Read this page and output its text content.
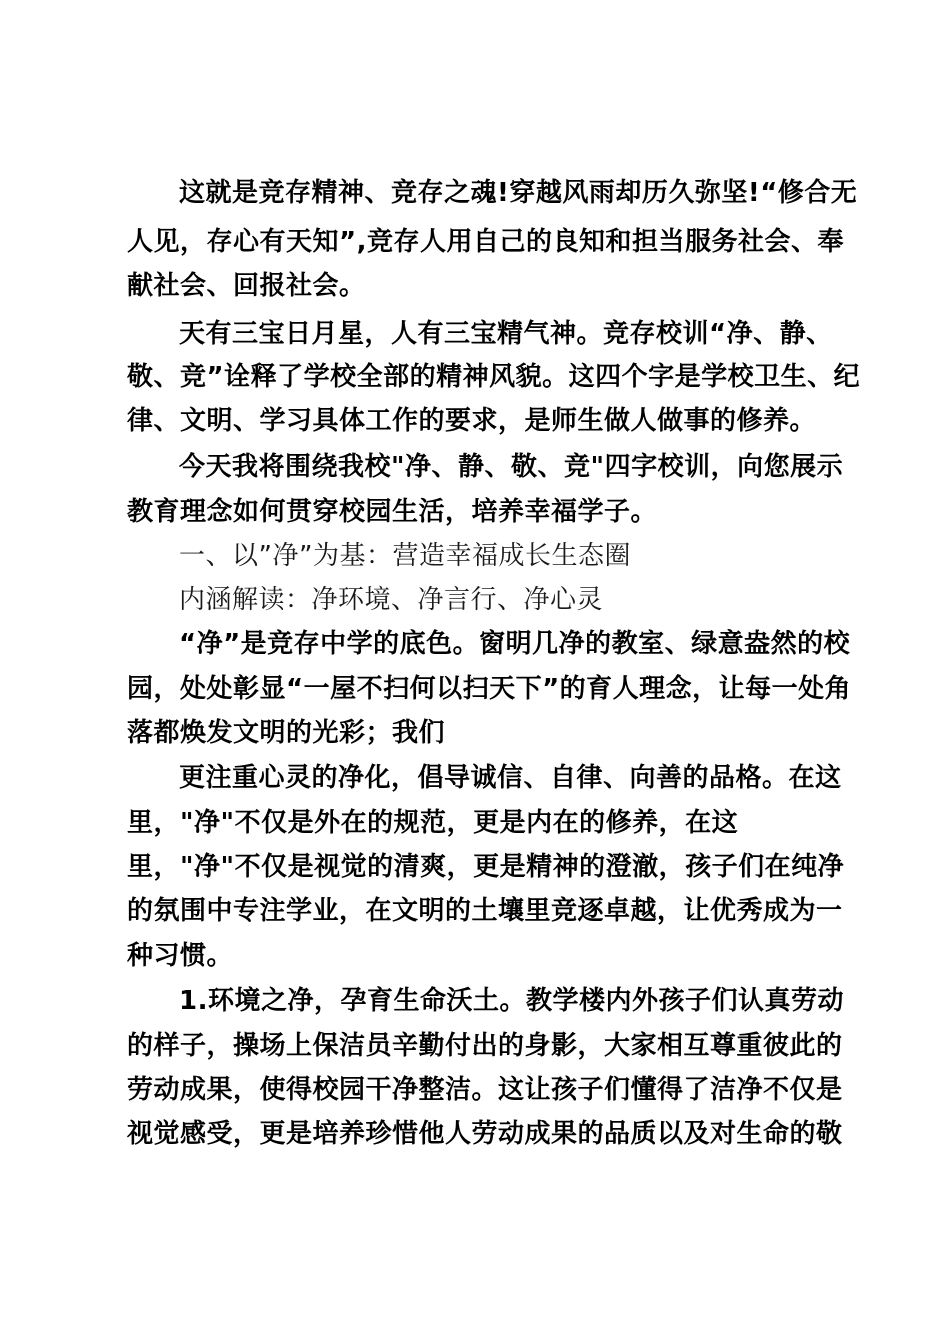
这就是竞存精神、竞存之魂!穿越风雨却历久弥坚!“修合无
人见，存心有天知”,竞存人用自己的良知和担当服务社会、奉
献社会、回报社会。
天有三宝日月星，人有三宝精气神。竞存校训“净、静、
敬、竞”诠释了学校全部的精神风貌。这四个字是学校卫生、纪
律、文明、学习具体工作的要求，是师生做人做事的修养。
今天我将围绕我校"净、静、敬、竞"四字校训，向您展示
教育理念如何贯穿校园生活，培养幸福学子。
一、以”净”为基：营造幸福成长生态圈
内涵解读：净环境、净言行、净心灵
“净”是竞存中学的底色。窗明几净的教室、绿意盎然的校
园，处处彰显“一屋不扫何以扫天下”的育人理念，让每一处角
落都焕发文明的光彩；我们
更注重心灵的净化，倡导诚信、自律、向善的品格。在这
里，"净"不仅是外在的规范，更是内在的修养，在这
里，"净"不仅是视觉的清爽，更是精神的澄澈，孩子们在纯净
的氛围中专注学业，在文明的土壤里竞逐卓越，让优秀成为一
种习惯。
1.环境之净，孕育生命沃土。教学楼内外孩子们认真劳动
的样子，操场上保洁员辛勤付出的身影，大家相互尊重彼此的
劳动成果，使得校园干净整洁。这让孩子们懂得了洁净不仅是
视觉感受，更是培养珍惜他人劳动成果的品质以及对生命的敬
